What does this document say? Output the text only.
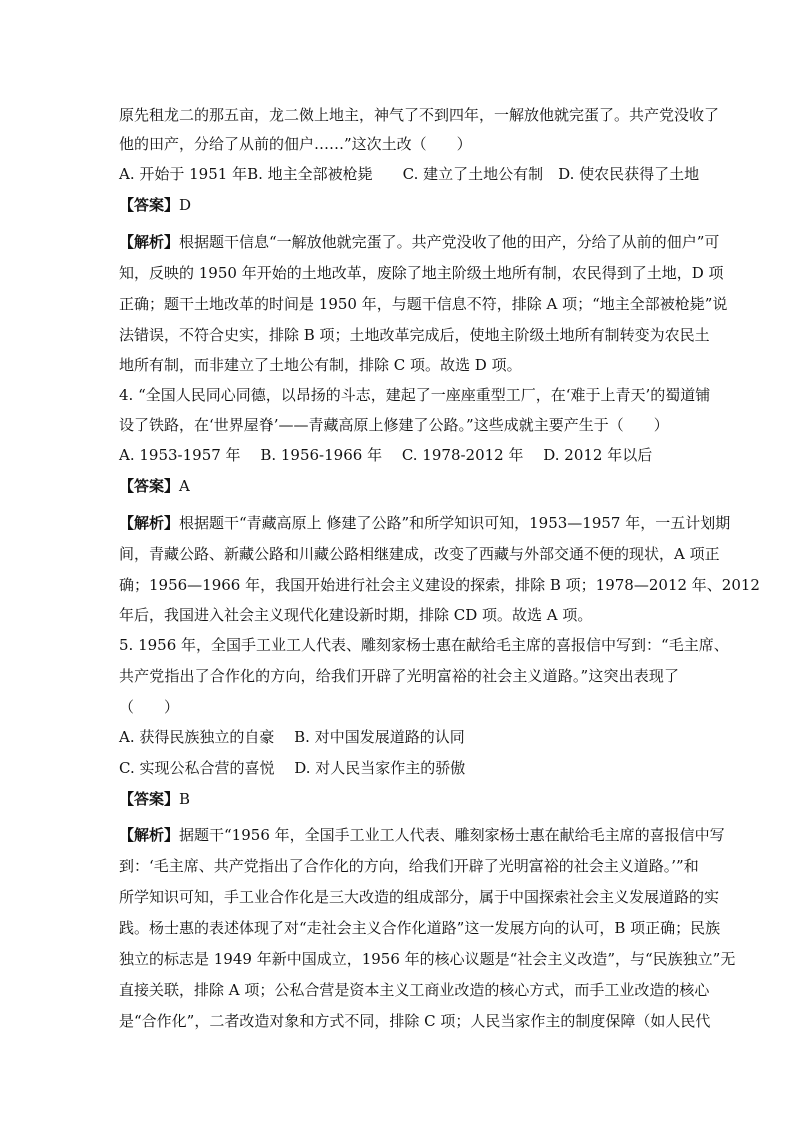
原先租龙二的那五亩，龙二傚上地主，神气了不到四年，一解放他就完蛋了。共产党没收了
他的田产，分给了从前的佃户……”这次土改（　　）
A. 开始于 1951 年B. 地主全部被枪毙　　C. 建立了土地公有制　D. 使农民获得了土地
【答案】D
【解析】根据题干信息“一解放他就完蛋了。共产党没收了他的田产，分给了从前的佃户”可
知，反映的 1950 年开始的土地改革，废除了地主阶级土地所有制，农民得到了土地，D 项
正确；题干土地改革的时间是 1950 年，与题干信息不符，排除 A 项；“地主全部被枪毙”说
法错误，不符合史实，排除 B 项；土地改革完成后，使地主阶级土地所有制转变为农民土
地所有制，而非建立了土地公有制，排除 C 项。故选 D 项。
4. “全国人民同心同德，以昂扬的斗志，建起了一座座重型工厂，在‘难于上青天’的蜀道铺
设了铁路，在‘世界屋脊’——青藏高原上修建了公路。”这些成就主要产生于（　　）
A. 1953-1957 年　 B. 1956-1966 年　 C. 1978-2012 年　 D. 2012 年以后
【答案】A
【解析】根据题干“青藏高原上 修建了公路”和所学知识可知，1953—1957 年，一五计划期
间，青藏公路、新藏公路和川藏公路相继建成，改变了西藏与外部交通不便的现状，A 项正
确；1956—1966 年，我国开始进行社会主义建设的探索，排除 B 项；1978—2012 年、2012
年后，我国进入社会主义现代化建设新时期，排除 CD 项。故选 A 项。
5. 1956 年，全国手工业工人代表、雕刻家杨士惠在献给毛主席的喜报信中写到：“毛主席、
共产党指出了合作化的方向，给我们开辟了光明富裕的社会主义道路。”这突出表现了
（　　）
A. 获得民族独立的自豪　 B. 对中国发展道路的认同
C. 实现公私合营的喜悦　 D. 对人民当家作主的骄傲
【答案】B
【解析】据题干“1956 年，全国手工业工人代表、雕刻家杨士惠在献给毛主席的喜报信中写
到：‘毛主席、共产党指出了合作化的方向，给我们开辟了光明富裕的社会主义道路。’”和
所学知识可知，手工业合作化是三大改造的组成部分，属于中国探索社会主义发展道路的实
践。杨士惠的表述体现了对“走社会主义合作化道路”这一发展方向的认可，B 项正确；民族
独立的标志是 1949 年新中国成立，1956 年的核心议题是“社会主义改造”，与“民族独立”无
直接关联，排除 A 项；公私合营是资本主义工商业改造的核心方式，而手工业改造的核心
是“合作化”，二者改造对象和方式不同，排除 C 项；人民当家作主的制度保障（如人民代
